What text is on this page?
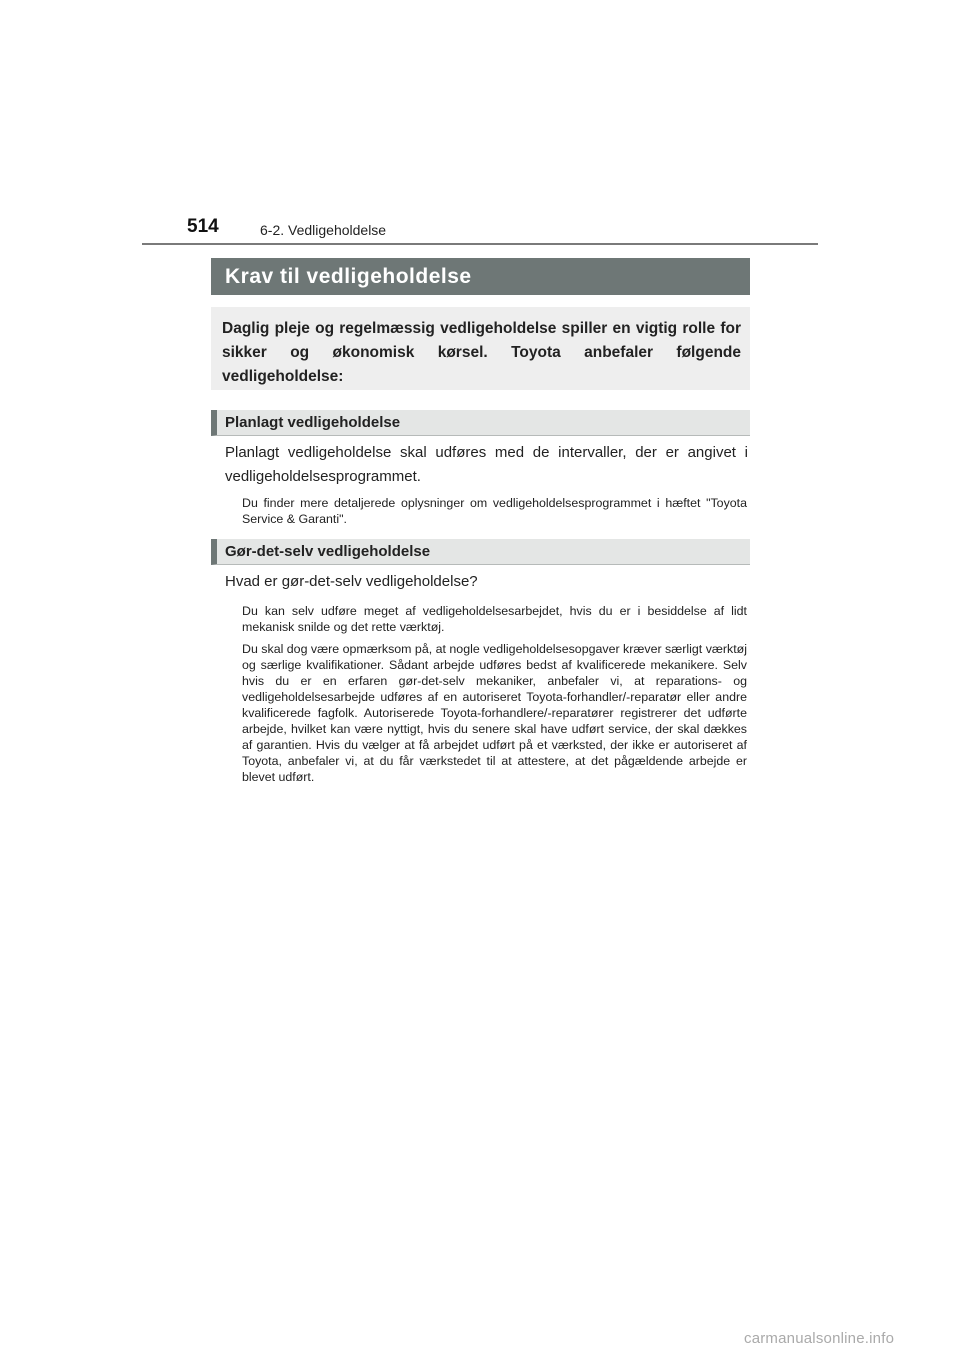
514	6-2. Vedligeholdelse
Krav til vedligeholdelse
Daglig pleje og regelmæssig vedligeholdelse spiller en vigtig rolle for sikker og økonomisk kørsel. Toyota anbefaler følgende vedligeholdelse:
Planlagt vedligeholdelse
Planlagt vedligeholdelse skal udføres med de intervaller, der er angivet i vedligeholdelsesprogrammet.
Du finder mere detaljerede oplysninger om vedligeholdelsesprogrammet i hæftet "Toyota Service & Garanti".
Gør-det-selv vedligeholdelse
Hvad er gør-det-selv vedligeholdelse?
Du kan selv udføre meget af vedligeholdelsesarbejdet, hvis du er i besiddelse af lidt mekanisk snilde og det rette værktøj.
Du skal dog være opmærksom på, at nogle vedligeholdelsesopgaver kræver særligt værktøj og særlige kvalifikationer. Sådant arbejde udføres bedst af kvalificerede mekanikere. Selv hvis du er en erfaren gør-det-selv mekaniker, anbefaler vi, at reparations- og vedligeholdelsesarbejde udføres af en autoriseret Toyota-forhandler/-reparatør eller andre kvalificerede fagfolk. Autoriserede Toyota-forhandlere/-reparatører registrerer det udførte arbejde, hvilket kan være nyttigt, hvis du senere skal have udført service, der skal dækkes af garantien. Hvis du vælger at få arbejdet udført på et værksted, der ikke er autoriseret af Toyota, anbefaler vi, at du får værkstedet til at attestere, at det pågældende arbejde er blevet udført.
carmanualsonline.info
